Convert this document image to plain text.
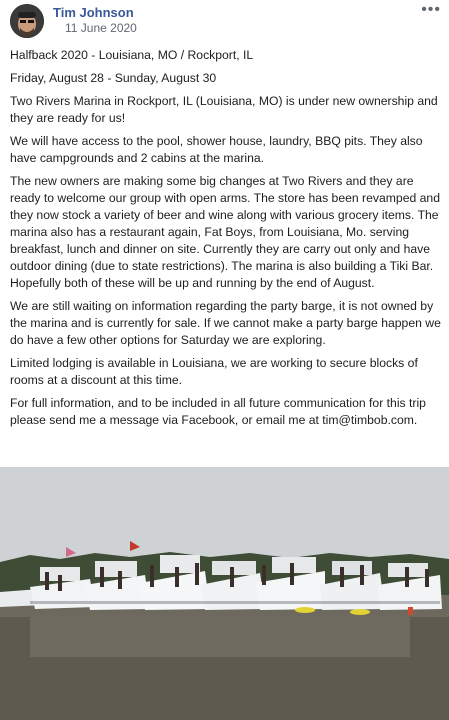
Tim Johnson
11 June 2020
•••

Halfback 2020 - Louisiana, MO / Rockport, IL

Friday, August 28 - Sunday, August 30

Two Rivers Marina in Rockport, IL (Louisiana, MO) is under new ownership and they are ready for us!

We will have access to the pool, shower house, laundry, BBQ pits. They also have campgrounds and 2 cabins at the marina.

The new owners are making some big changes at Two Rivers and they are ready to welcome our group with open arms. The store has been revamped and they now stock a variety of beer and wine along with various grocery items. The marina also has a restaurant again, Fat Boys, from Louisiana, Mo. serving breakfast, lunch and dinner on site. Currently they are carry out only and have outdoor dining (due to state restrictions). The marina is also building a Tiki Bar. Hopefully both of these will be up and running by the end of August.

We are still waiting on information regarding the party barge, it is not owned by the marina and is currently for sale. If we cannot make a party barge happen we do have a few other options for Saturday we are exploring.

Limited lodging is available in Louisiana, we are working to secure blocks of rooms at a discount at this time.

For full information, and to be included in all future communication for this trip please send me a message via Facebook, or email me at tim@timbob.com.
